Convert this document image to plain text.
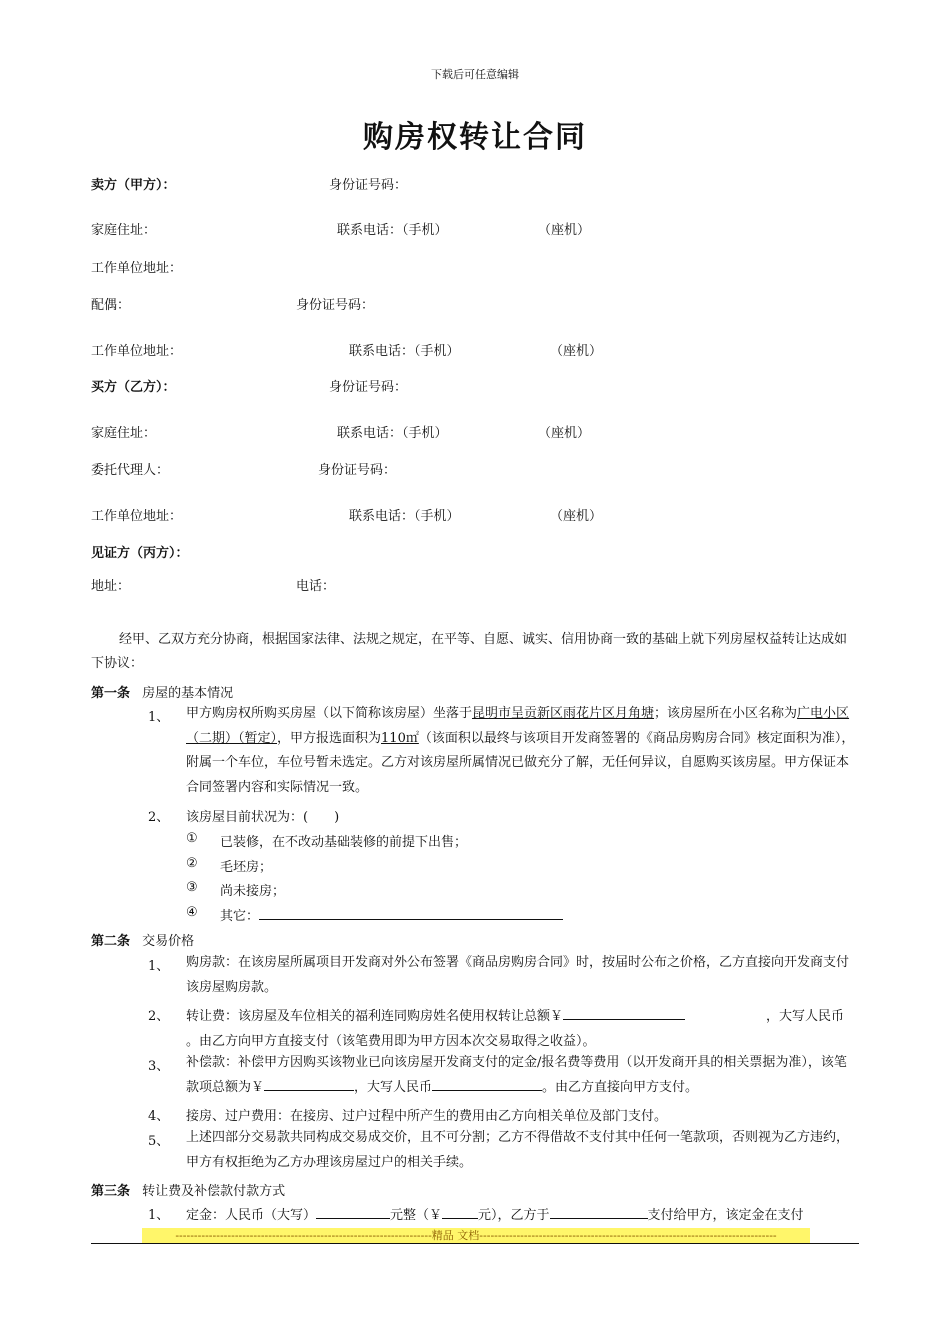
下载后可任意编辑
购房权转让合同
卖方（甲方）：	身份证号码：
家庭住址：	联系电话：（手机）	（座机）
工作单位地址：
配偶：	身份证号码：
工作单位地址：	联系电话：（手机）	（座机）
买方（乙方）：	身份证号码：
家庭住址：	联系电话：（手机）	（座机）
委托代理人：	身份证号码：
工作单位地址：	联系电话：（手机）	（座机）
见证方（丙方）：
地址：	电话：
经甲、乙双方充分协商，根据国家法律、法规之规定，在平等、自愿、诚实、信用协商一致的基础上就下列房屋权益转让达成如下协议：
第一条 房屋的基本情况
1、 甲方购房权所购买房屋（以下简称该房屋）坐落于昆明市呈贡新区雨花片区月角塘；该房屋所在小区名称为广电小区（二期）（暂定），甲方报选面积为110㎡（该面积以最终与该项目开发商签署的《商品房购房合同》核定面积为准），附属一个车位，车位号暂未选定。乙方对该房屋所属情况已做充分了解，无任何异议，自愿购买该房屋。甲方保证本合同签署内容和实际情况一致。
2、 该房屋目前状况为：(　　)
① 已装修，在不改动基础装修的前提下出售；
② 毛坯房；
③ 尚未接房；
④ 其它：
第二条 交易价格
1、 购房款：在该房屋所属项目开发商对外公布签署《商品房购房合同》时，按届时公布之价格，乙方直接向开发商支付该房屋购房款。
2、 转让费：该房屋及车位相关的福利连同购房姓名使用权转让总额￥	，大写人民币
。由乙方向甲方直接支付（该笔费用即为甲方因本次交易取得之收益）。
3、 补偿款：补偿甲方因购买该物业已向该房屋开发商支付的定金/报名费等费用（以开发商开具的相关票据为准），该笔款项总额为￥	，大写人民币	。由乙方直接向甲方支付。
4、 接房、过户费用：在接房、过户过程中所产生的费用由乙方向相关单位及部门支付。
5、 上述四部分交易款共同构成交易成交价，且不可分割；乙方不得借故不支付其中任何一笔款项，否则视为乙方违约，甲方有权拒绝为乙方办理该房屋过户的相关手续。
第三条 转让费及补偿款付款方式
1、 定金：人民币（大写）	元整（￥	元），乙方于	支付给甲方，该定金在支付
---------------------------------------------------------------------精品 文档--------------------------------------------------------------------------------
